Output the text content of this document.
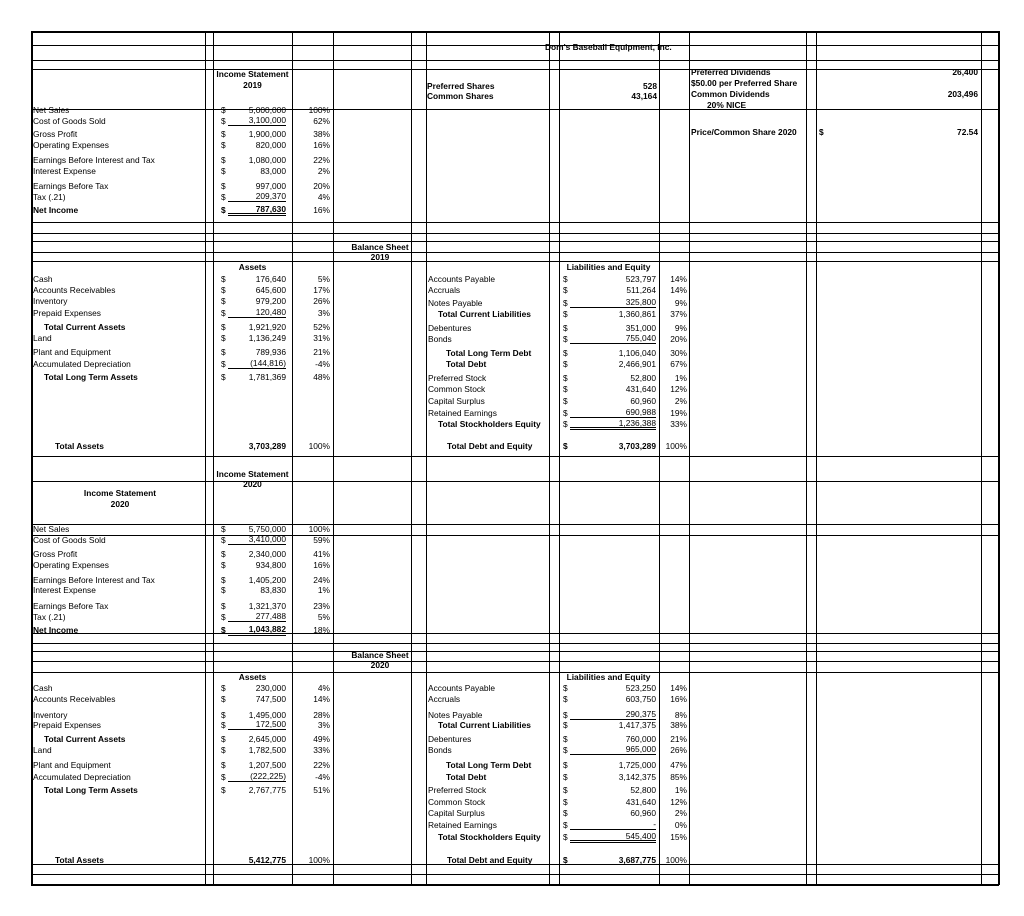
Dom's Baseball Equipment, Inc.
Preferred Shares	528
Common Shares	43,164
Preferred Dividends	26,400
$50.00 per Preferred Share
Common Dividends	203,496
20% NICE
Price/Common Share 2020	$	72.54
Income Statement
2019
Net Sales	$	5,000,000	100%
Cost of Goods Sold	$	3,100,000	62%
Gross Profit	$	1,900,000	38%
Operating Expenses	$	820,000	16%
Earnings Before Interest and Tax	$	1,080,000	22%
Interest Expense	$	83,000	2%
Earnings Before Tax	$	997,000	20%
Tax (.21)	$	209,370	4%
Net Income	$	787,630	16%
Balance Sheet
2019
Assets	Liabilities and Equity
Cash	$	176,640	5%
Accounts Receivables	$	645,600	17%
Inventory	$	979,200	26%
Prepaid Expenses	$	120,480	3%
Total Current Assets	$	1,921,920	52%
Land	$	1,136,249	31%
Plant and Equipment	$	789,936	21%
Accumulated Depreciation	$	(144,816)	-4%
Total Long Term Assets	$	1,781,369	48%
Accounts Payable	$	523,797	14%
Accruals	$	511,264	14%
Notes Payable	$	325,800	9%
Total Current Liabilities	$	1,360,861	37%
Debentures	$	351,000	9%
Bonds	$	755,040	20%
Total Long Term Debt	$	1,106,040	30%
Total Debt	$	2,466,901	67%
Preferred Stock	$	52,800	1%
Common Stock	$	431,640	12%
Capital Surplus	$	60,960	2%
Retained Earnings	$	690,988	19%
Total Stockholders Equity	$	1,236,388	33%
Total Assets	3,703,289	100%	Total Debt and Equity	$	3,703,289	100%
Income Statement
2020
Income Statement
2020
Net Sales	$	5,750,000	100%
Cost of Goods Sold	$	3,410,000	59%
Gross Profit	$	2,340,000	41%
Operating Expenses	$	934,800	16%
Earnings Before Interest and Tax	$	1,405,200	24%
Interest Expense	$	83,830	1%
Earnings Before Tax	$	1,321,370	23%
Tax (.21)	$	277,488	5%
Net Income	$	1,043,882	18%
Balance Sheet
2020
Assets	Liabilities and Equity
Cash	$	230,000	4%
Accounts Receivables	$	747,500	14%
Inventory	$	1,495,000	28%
Prepaid Expenses	$	172,500	3%
Total Current Assets	$	2,645,000	49%
Land	$	1,782,500	33%
Plant and Equipment	$	1,207,500	22%
Accumulated Depreciation	$	(222,225)	-4%
Total Long Term Assets	$	2,767,775	51%
Accounts Payable	$	523,250	14%
Accruals	$	603,750	16%
Notes Payable	$	290,375	8%
Total Current Liabilities	$	1,417,375	38%
Debentures	$	760,000	21%
Bonds	$	965,000	26%
Total Long Term Debt	$	1,725,000	47%
Total Debt	$	3,142,375	85%
Preferred Stock	$	52,800	1%
Common Stock	$	431,640	12%
Capital Surplus	$	60,960	2%
Retained Earnings	$	-	0%
Total Stockholders Equity	$	545,400	15%
Total Assets	5,412,775	100%	Total Debt and Equity	$	3,687,775	100%
